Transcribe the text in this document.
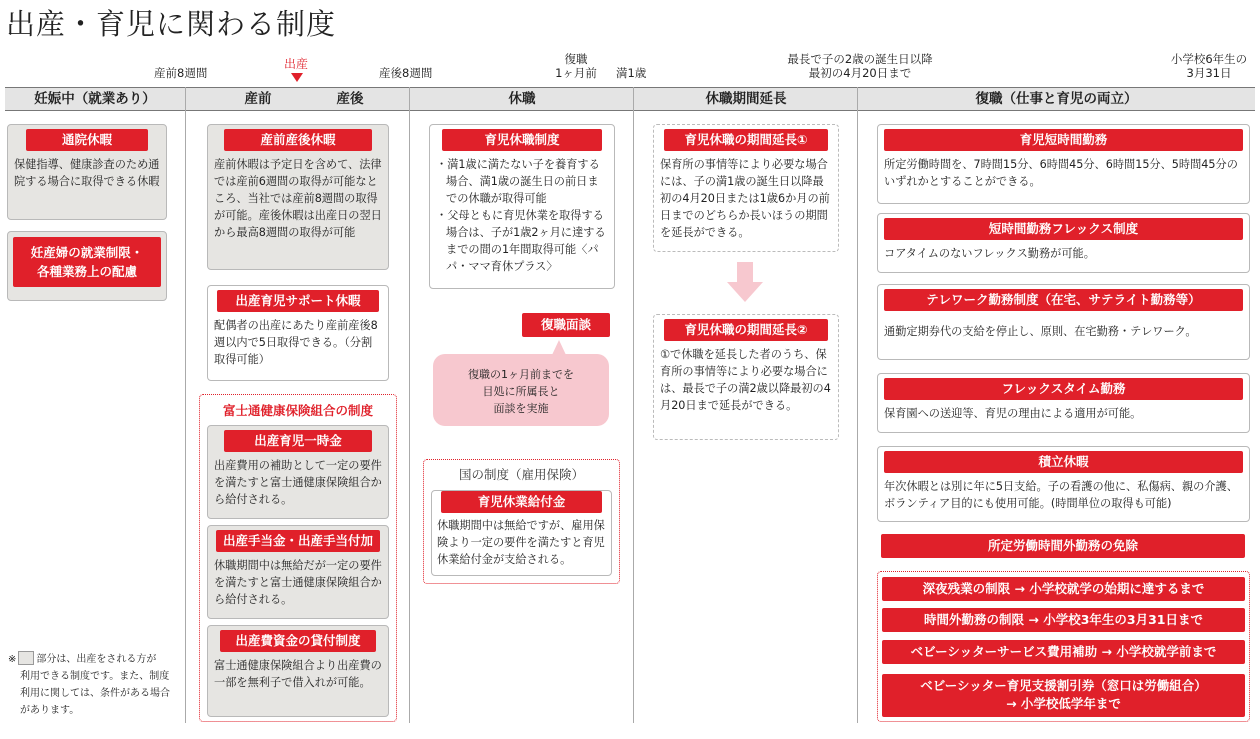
出産・育児に関わる制度
産前8週間
出産
産後8週間
復職
1ヶ月前 満1歳
最長で子の2歳の誕生日以降
最初の4月20日まで
小学校6年生の
3月31日
妊娠中（就業あり）	産前	産後	休職	休職期間延長	復職（仕事と育児の両立）
通院休暇
保健指導、健康診査のため通院する場合に取得できる休暇
妊産婦の就業制限・
各種業務上の配慮
産前産後休暇
産前休暇は予定日を含めて、法律では産前6週間の取得が可能なところ、当社では産前8週間の取得が可能。産後休暇は出産日の翌日から最高8週間の取得が可能
出産育児サポート休暇
配偶者の出産にあたり産前産後8週以内で5日取得できる。（分割取得可能）
富士通健康保険組合の制度
出産育児一時金
出産費用の補助として一定の要件を満たすと富士通健康保険組合から給付される。
出産手当金・出産手当付加
休職期間中は無給だが一定の要件を満たすと富士通健康保険組合から給付される。
出産費資金の貸付制度
富士通健康保険組合より出産費の一部を無利子で借入れが可能。
育児休職制度
・ 満1歳に満たない子を養育する場合、満1歳の誕生日の前日までの休職が取得可能
・ 父母ともに育児休業を取得する場合は、子が1歳2ヶ月に達するまでの間の1年間取得可能〈パパ・ママ育休プラス〉
復職面談
復職の1ヶ月前までを
目処に所属長と
面談を実施
国の制度（雇用保険）
育児休業給付金
休職期間中は無給ですが、雇用保険より一定の要件を満たすと育児休業給付金が支給される。
育児休職の期間延長①
保育所の事情等により必要な場合には、子の満1歳の誕生日以降最初の4月20日または1歳6か月の前日までのどちらか長いほうの期間を延長ができる。
育児休職の期間延長②
①で休職を延長した者のうち、保育所の事情等により必要な場合には、最長で子の満2歳以降最初の4月20日まで延長ができる。
育児短時間勤務
所定労働時間を、7時間15分、6時間45分、6時間15分、5時間45分のいずれかとすることができる。
短時間勤務フレックス制度
コアタイムのないフレックス勤務が可能。
テレワーク勤務制度（在宅、サテライト勤務等）
通勤定期券代の支給を停止し、原則、在宅勤務・テレワーク。
フレックスタイム勤務
保育園への送迎等、育児の理由による適用が可能。
積立休暇
年次休暇とは別に年に5日支給。子の看護の他に、私傷病、親の介護、ボランティア目的にも使用可能。(時間単位の取得も可能)
所定労働時間外勤務の免除
深夜残業の制限 → 小学校就学の始期に達するまで
時間外勤務の制限 → 小学校3年生の3月31日まで
ベビーシッターサービス費用補助 → 小学校就学前まで
ベビーシッター育児支援割引券（窓口は労働組合）
→ 小学校低学年まで
※ 部分は、出産をされる方が
利用できる制度です。また、制度
利用に関しては、条件がある場合
があります。
